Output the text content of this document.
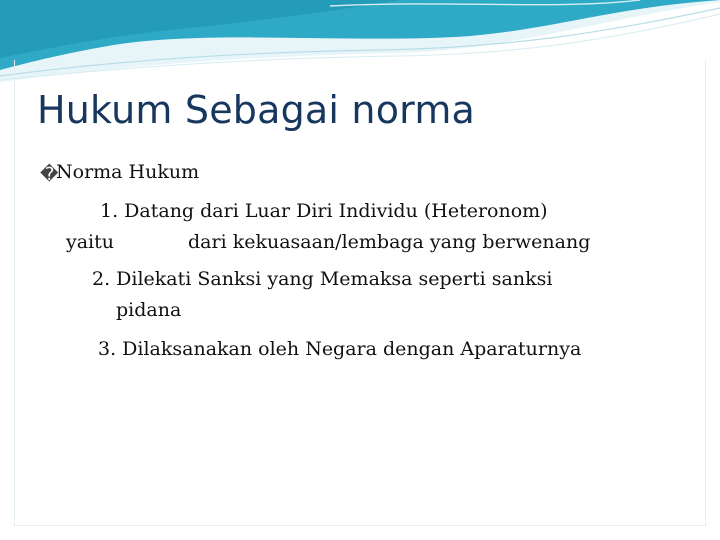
Hukum Sebagai norma
�Norma Hukum
1. Datang dari Luar Diri Individu (Heteronom)
yaitu	dari kekuasaan/lembaga yang berwenang
2. Dilekati Sanksi yang Memaksa seperti sanksi
pidana
3. Dilaksanakan oleh Negara dengan Aparaturnya
